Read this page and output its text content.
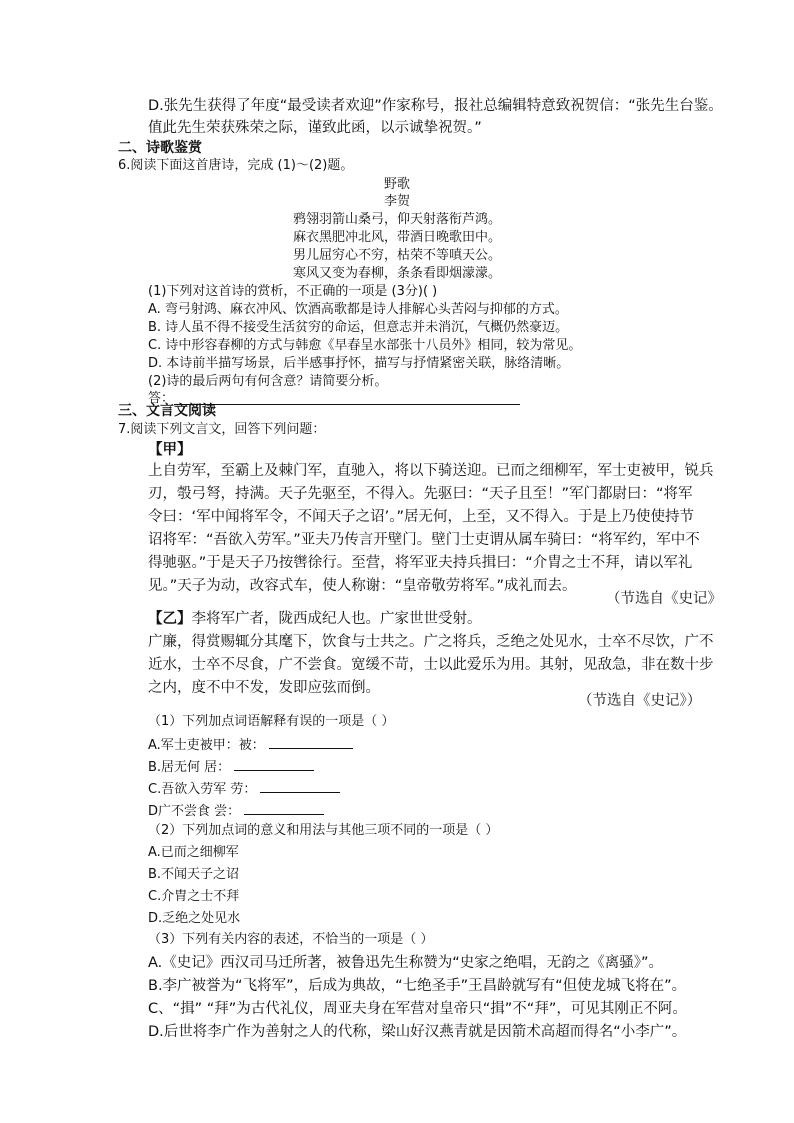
D.张先生获得了年度“最受读者欢迎”作家称号，报社总编辑特意致祝贺信：“张先生台鉴。
值此先生荣获殊荣之际，谨致此函，以示诚挚祝贺。”
二、诗歌鉴赏
6.阅读下面这首唐诗，完成 (1)～(2)题。
野歌
李贺
鸦翎羽箭山桑弓，仰天射落衔芦鸿。
麻衣黑肥冲北风，带酒日晚歌田中。
男儿屈穷心不穷，枯荣不等嗔天公。
寒风又变为春柳，条条看即烟濛濛。
(1)下列对这首诗的赏析，不正确的一项是 (3分)( )
A. 弯弓射鸿、麻衣冲风、饮酒高歌都是诗人排解心头苦闷与抑郁的方式。
B. 诗人虽不得不接受生活贫穷的命运，但意志并未消沉，气概仍然豪迈。
C. 诗中形容春柳的方式与韩愈《早春呈水部张十八员外》相同，较为常见。
D. 本诗前半描写场景，后半感事抒怀，描写与抒情紧密关联，脉络清晰。
(2)诗的最后两句有何含意？请简要分析。
答：
三、文言文阅读
7.阅读下列文言文，回答下列问题：
【甲】
上自劳军，至霸上及棘门军，直驰入，将以下骑送迎。已而之细柳军，军士吏被甲，锐兵
刃，彀弓弩，持满。天子先驱至，不得入。先驱曰：“天子且至！”军门都尉曰：“将军
令曰：‘军中闻将军令，不闻天子之诏’。”居无何，上至，又不得入。于是上乃使使持节
诏将军：“吾欲入劳军。”亚夫乃传言开壁门。壁门士吏谓从属车骑曰：“将军约，军中不
得驰驱。”于是天子乃按辔徐行。至营，将军亚夫持兵揖曰：“介胄之士不拜，请以军礼
见。”天子为动，改容式车，使人称谢：“皇帝敬劳将军。”成礼而去。
（节选自《史记》
【乙】李将军广者，陇西成纪人也。广家世世受射。
广廉，得赏赐辄分其麾下，饮食与士共之。广之将兵，乏绝之处见水，士卒不尽饮，广不
近水，士卒不尽食，广不尝食。宽缓不苛，士以此爱乐为用。其射，见敌急，非在数十步
之内，度不中不发，发即应弦而倒。
（节选自《史记》）
（1）下列加点词语解释有误的一项是（ ）
A.军士吏被甲：被：
B.居无何 居：
C.吾欲入劳军 劳：
D广不尝食 尝：
（2）下列加点词的意义和用法与其他三项不同的一项是（ ）
A.已而之细柳军
B.不闻天子之诏
C.介胄之士不拜
D.乏绝之处见水
（3）下列有关内容的表述，不恰当的一项是（ ）
A.《史记》西汉司马迁所著，被鲁迅先生称赞为“史家之绝唱，无韵之《离骚》”。
B.李广被誉为“飞将军”，后成为典故，“七绝圣手”王昌龄就写有“但使龙城飞将在”。
C、“揖” “拜”为古代礼仪，周亚夫身在军营对皇帝只“揖”不“拜”，可见其刚正不阿。
D.后世将李广作为善射之人的代称，梁山好汉燕青就是因箭术高超而得名“小李广”。
